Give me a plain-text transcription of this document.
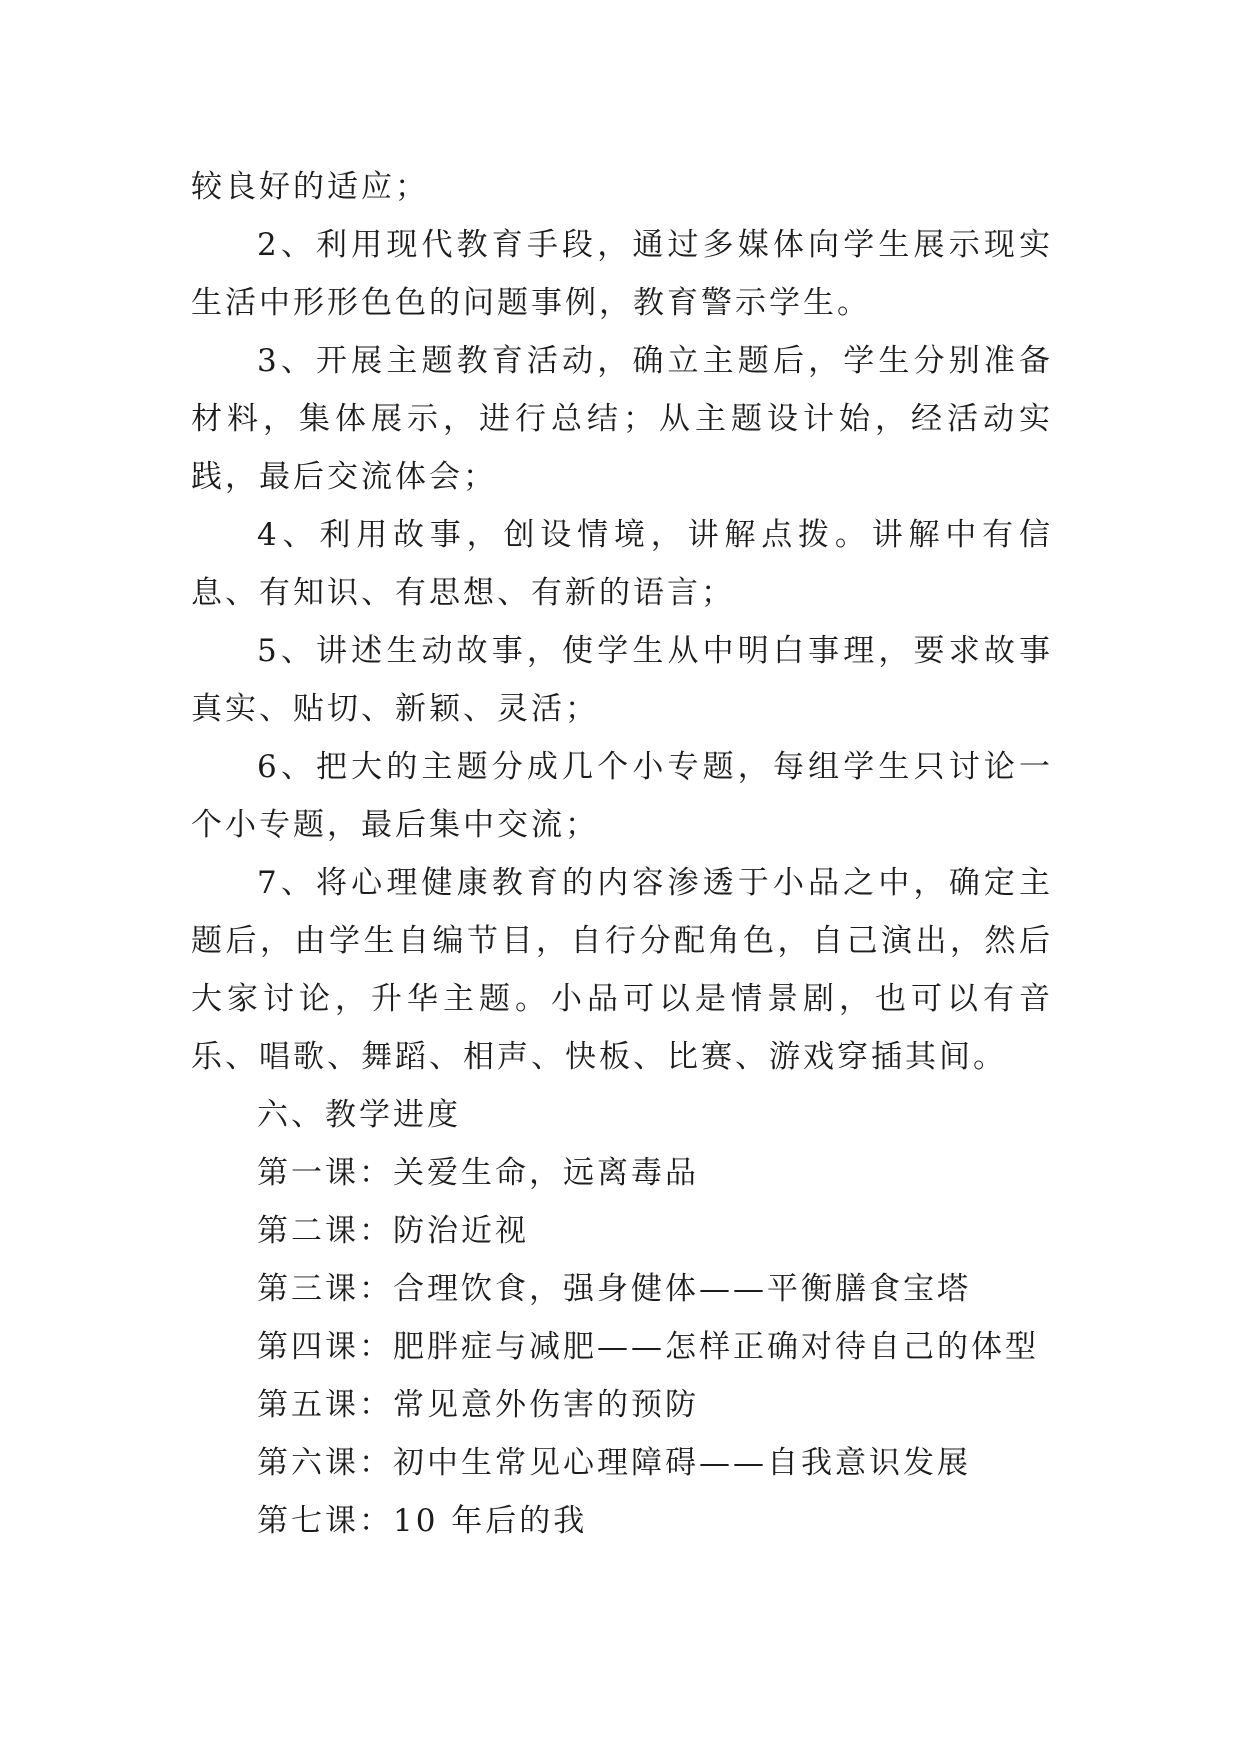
较良好的适应；

2、利用现代教育手段，通过多媒体向学生展示现实生活中形形色色的问题事例，教育警示学生。

3、开展主题教育活动，确立主题后，学生分别准备材料，集体展示，进行总结；从主题设计始，经活动实践，最后交流体会；

4、利用故事，创设情境，讲解点拨。讲解中有信息、有知识、有思想、有新的语言；

5、讲述生动故事，使学生从中明白事理，要求故事真实、贴切、新颖、灵活；

6、把大的主题分成几个小专题，每组学生只讨论一个小专题，最后集中交流；

7、将心理健康教育的内容渗透于小品之中，确定主题后，由学生自编节目，自行分配角色，自己演出，然后大家讨论，升华主题。小品可以是情景剧，也可以有音乐、唱歌、舞蹈、相声、快板、比赛、游戏穿插其间。

六、教学进度

第一课：关爱生命，远离毒品
第二课：防治近视
第三课：合理饮食，强身健体——平衡膳食宝塔
第四课：肥胖症与减肥——怎样正确对待自己的体型
第五课：常见意外伤害的预防
第六课：初中生常见心理障碍——自我意识发展
第七课：10 年后的我
